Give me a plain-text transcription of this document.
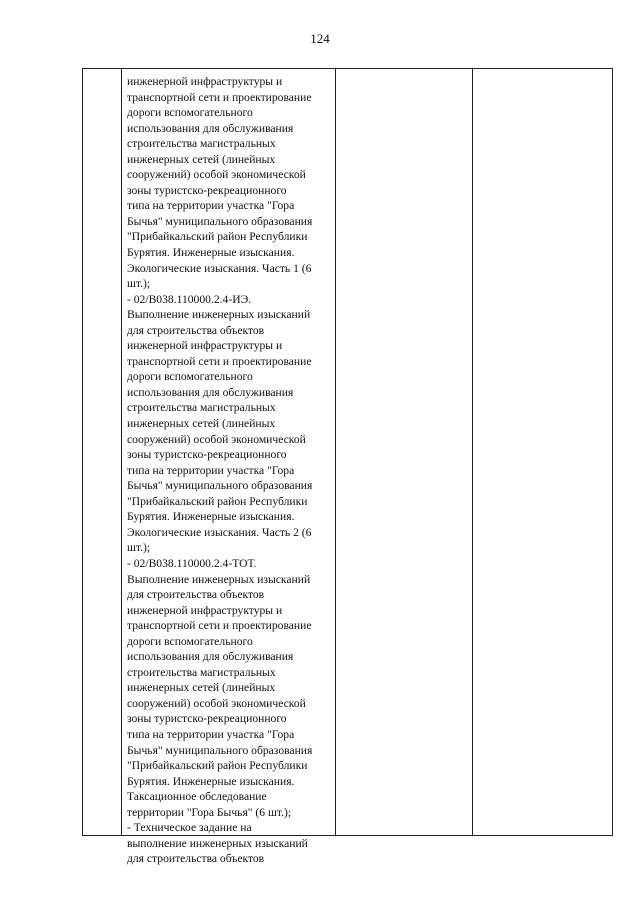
124
инженерной инфраструктуры и
транспортной сети и проектирование
дороги вспомогательного
использования для обслуживания
строительства магистральных
инженерных сетей (линейных
сооружений) особой экономической
зоны туристско-рекреационного
типа на территории участка "Гора
Бычья" муниципального образования
"Прибайкальский район Республики
Бурятия. Инженерные изыскания.
Экологические изыскания. Часть 1 (6
шт.);
- 02/В038.110000.2.4-ИЭ.
Выполнение инженерных изысканий
для строительства объектов
инженерной инфраструктуры и
транспортной сети и проектирование
дороги вспомогательного
использования для обслуживания
строительства магистральных
инженерных сетей (линейных
сооружений) особой экономической
зоны туристско-рекреационного
типа на территории участка "Гора
Бычья" муниципального образования
"Прибайкальский район Республики
Бурятия. Инженерные изыскания.
Экологические изыскания. Часть 2 (6
шт.);
- 02/В038.110000.2.4-ТОТ.
Выполнение инженерных изысканий
для строительства объектов
инженерной инфраструктуры и
транспортной сети и проектирование
дороги вспомогательного
использования для обслуживания
строительства магистральных
инженерных сетей (линейных
сооружений) особой экономической
зоны туристско-рекреационного
типа на территории участка "Гора
Бычья" муниципального образования
"Прибайкальский район Республики
Бурятия. Инженерные изыскания.
Таксационное обследование
территории "Гора Бычья" (6 шт.);
- Техническое задание на
выполнение инженерных изысканий
для строительства объектов
